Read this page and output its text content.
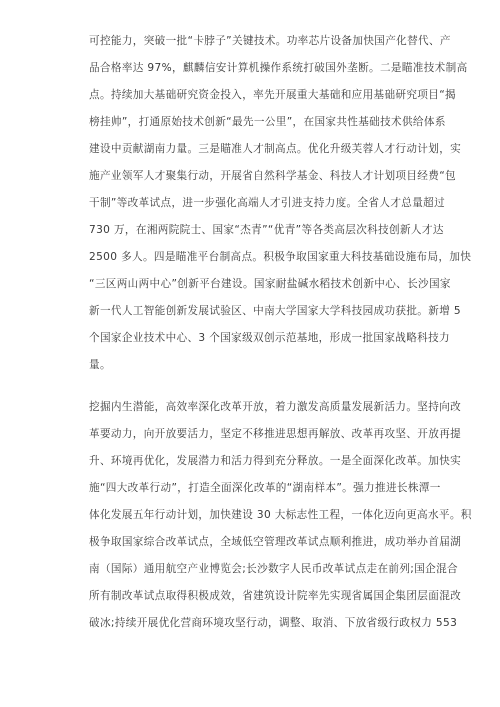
可控能力，突破一批“卡脖子”关键技术。功率芯片设备加快国产化替代、产
品合格率达 97%，麒麟信安计算机操作系统打破国外垄断。二是瞄准技术制高
点。持续加大基础研究资金投入，率先开展重大基础和应用基础研究项目“揭
榜挂帅”，打通原始技术创新“最先一公里”，在国家共性基础技术供给体系
建设中贡献湖南力量。三是瞄准人才制高点。优化升级芙蓉人才行动计划，实
施产业领军人才聚集行动，开展省自然科学基金、科技人才计划项目经费“包
干制”等改革试点，进一步强化高端人才引进支持力度。全省人才总量超过
730 万，在湘两院院士、国家“杰青”“优青”等各类高层次科技创新人才达
2500 多人。四是瞄准平台制高点。积极争取国家重大科技基础设施布局，加快
“三区两山两中心”创新平台建设。国家耐盐碱水稻技术创新中心、长沙国家
新一代人工智能创新发展试验区、中南大学国家大学科技园成功获批。新增 5
个国家企业技术中心、3 个国家级双创示范基地，形成一批国家战略科技力
量。
挖掘内生潜能，高效率深化改革开放，着力激发高质量发展新活力。坚持向改
革要动力，向开放要活力，坚定不移推进思想再解放、改革再攻坚、开放再提
升、环境再优化，发展潜力和活力得到充分释放。一是全面深化改革。加快实
施“四大改革行动”，打造全面深化改革的“湖南样本”。强力推进长株潭一
体化发展五年行动计划，加快建设 30 大标志性工程，一体化迈向更高水平。积
极争取国家综合改革试点，全域低空管理改革试点顺利推进，成功举办首届湖
南（国际）通用航空产业博览会;长沙数字人民币改革试点走在前列;国企混合
所有制改革试点取得积极成效，省建筑设计院率先实现省属国企集团层面混改
破冰;持续开展优化营商环境攻坚行动，调整、取消、下放省级行政权力 553
